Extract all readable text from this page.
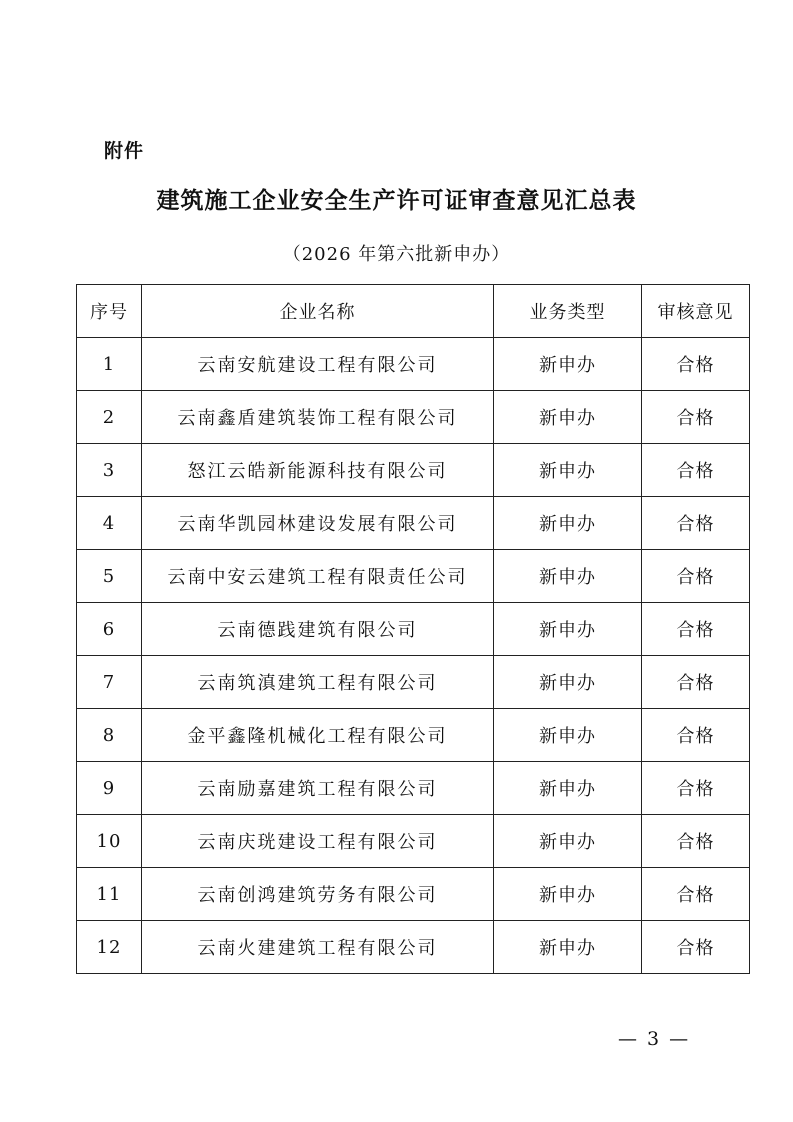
附件
建筑施工企业安全生产许可证审查意见汇总表
（2026 年第六批新申办）
序号	企业名称	业务类型	审核意见
1	云南安航建设工程有限公司	新申办	合格
2	云南鑫盾建筑装饰工程有限公司	新申办	合格
3	怒江云皓新能源科技有限公司	新申办	合格
4	云南华凯园林建设发展有限公司	新申办	合格
5	云南中安云建筑工程有限责任公司	新申办	合格
6	云南德践建筑有限公司	新申办	合格
7	云南筑滇建筑工程有限公司	新申办	合格
8	金平鑫隆机械化工程有限公司	新申办	合格
9	云南励嘉建筑工程有限公司	新申办	合格
10	云南庆珖建设工程有限公司	新申办	合格
11	云南创鸿建筑劳务有限公司	新申办	合格
12	云南火建建筑工程有限公司	新申办	合格
— 3 —
